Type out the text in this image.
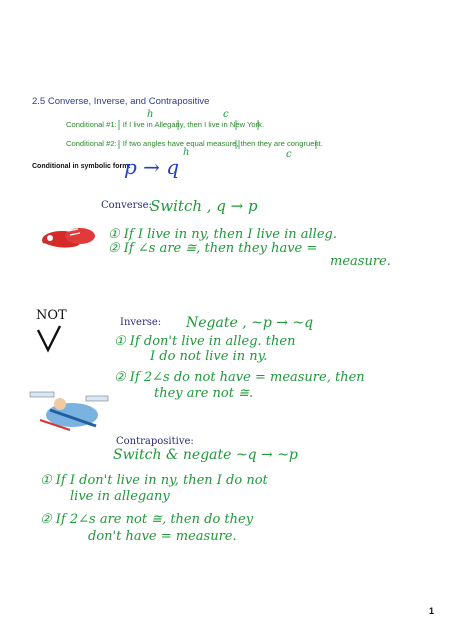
2.5 Converse, Inverse, and Contrapositive
Conditional #1: If I live in Allegany, then I live in New York.
Conditional #2: If two angles have equal measure, then they are congruent.
Conditional in symbolic form:
Converse:
Inverse:
NOT
Contrapositive:
h	c
h	c
p → q
Switch , q → p
① If I live in ny, then I live in alleg.
② If ∠s are ≅, then they have =
measure.
Negate , ~p → ~q
① If don't live in alleg. then
I do not live in ny.
② If 2∠s do not have = measure, then
they are not ≅.
Switch & negate ~q → ~p
① If I don't live in ny, then I do not
live in allegany
② If 2∠s are not ≅, then do they
don't have = measure.
1
